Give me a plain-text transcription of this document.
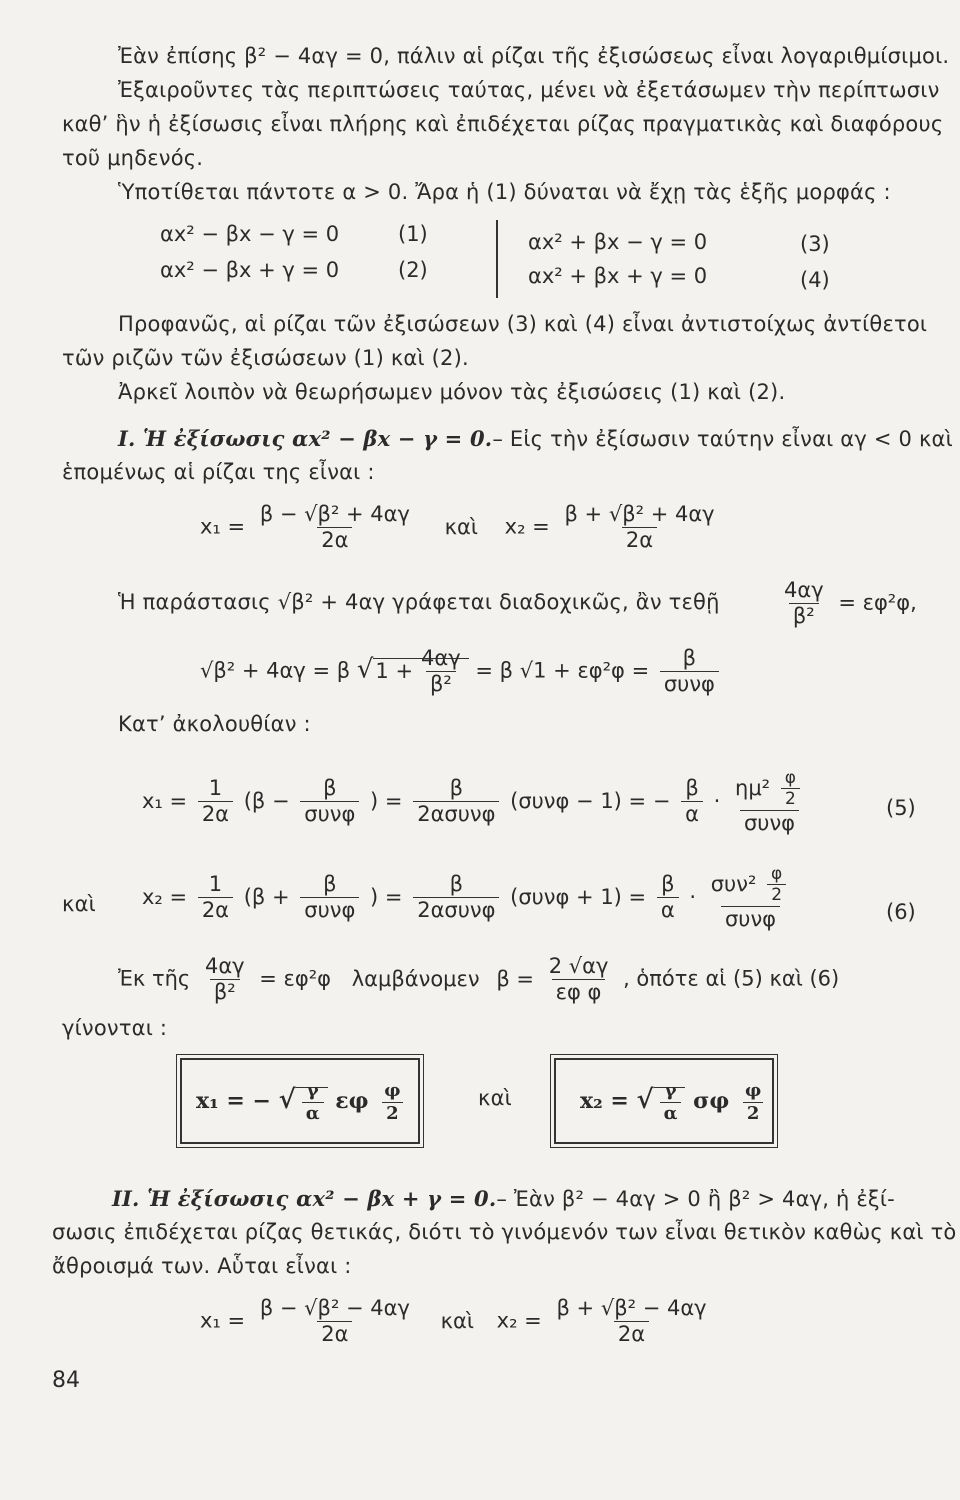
Ἐὰν ἐπίσης β² − 4αγ = 0, πάλιν αἱ ρίζαι τῆς ἐξισώσεως εἶναι λογαριθμίσιμοι.
Ἐξαιροῦντες τὰς περιπτώσεις ταύτας, μένει νὰ ἐξετάσωμεν τὴν περίπτωσιν
καθ’ ἣν ἡ ἐξίσωσις εἶναι πλήρης καὶ ἐπιδέχεται ρίζας πραγματικὰς καὶ διαφόρους
τοῦ μηδενός.
Ὑποτίθεται πάντοτε α > 0. Ἄρα ἡ (1) δύναται νὰ ἔχῃ τὰς ἑξῆς μορφάς :
αx² − βx − γ = 0	(1)
αx² − βx + γ = 0	(2)
αx² + βx − γ = 0	(3)
αx² + βx + γ = 0	(4)
Προφανῶς, αἱ ρίζαι τῶν ἐξισώσεων (3) καὶ (4) εἶναι ἀντιστοίχως ἀντίθετοι
τῶν ριζῶν τῶν ἐξισώσεων (1) καὶ (2).
Ἀρκεῖ λοιπὸν νὰ θεωρήσωμεν μόνον τὰς ἐξισώσεις (1) καὶ (2).
I. Ἡ ἐξίσωσις αx² − βx − γ = 0.– Εἰς τὴν ἐξίσωσιν ταύτην εἶναι αγ < 0 καὶ
ἑπομένως αἱ ρίζαι της εἶναι :
$x_1 = \frac{\text{β − √β² + 4αγ}}{2\alpha}$ καὶ $x_2 = \frac{\text{β + √β² + 4αγ}}{2\alpha}$
Ἡ παράστασις √β² + 4αγ γράφεται διαδοχικῶς, ἂν τεθῇ	$\frac{4\alpha\gamma}{\text{β²}} = \varepsilon\varphi^2\varphi$,
√β² + 4αγ = β $√1 + \frac{4\alpha\gamma}{\text{β²}} = \beta$ $√1 + \varepsilon\varphi^2\varphi = \frac{\beta}{\text{συνφ}}$
Κατ’ ἀκολουθίαν :
$x_1 = \frac{1}{2\alpha} (\beta - \frac{\beta}{\text{συνφ}}$ ) = $\frac{\beta}{\text{2ασυνφ}} (\sigma\upsilon\nu\varphi - 1)$ = − $\frac{\beta}{\alpha} \cdot \frac{\eta\mu^2 \frac{\varphi}{2}}{\text{συνφ}}$	(5)
καὶ $x_2 = \frac{1}{2\alpha} (\beta + \frac{\beta}{\text{συνφ}}$ ) = $\frac{\beta}{\text{2ασυνφ}} (\sigma\upsilon\nu\varphi + 1) = \frac{\beta}{\alpha} \cdot \frac{\sigma\upsilon\nu^2 \frac{\varphi}{2}}{\text{συνφ}}$	(6)
Ἐκ τῆς $\frac{4\alpha\gamma}{\text{β²}} = \varepsilon\varphi^2\varphi$ λαμβάνομεν $\beta = \frac{2 √\alpha\gamma}{\text{εφ φ}}$ , ὁπότε αἱ (5) καὶ (6)
γίνονται :
x₁ = − √ $\frac{\gamma}{\alpha}$ εφ $\frac{\varphi}{2}$	καὶ	x₂ = √ $\frac{\gamma}{\alpha}$ σφ $\frac{\varphi}{2}$
II. Ἡ ἐξίσωσις αx² − βx + γ = 0.– Ἐὰν β² − 4αγ > 0 ἢ β² > 4αγ, ἡ ἐξί-
σωσις ἐπιδέχεται ρίζας θετικάς, διότι τὸ γινόμενόν των εἶναι θετικὸν καθὼς καὶ τὸ
ἄθροισμά των. Αὗται εἶναι :
$x_1 = \frac{\text{β − √β² − 4αγ}}{2\alpha}$ καὶ $x_2 = \frac{\text{β + √β² − 4αγ}}{2\alpha}$
84
